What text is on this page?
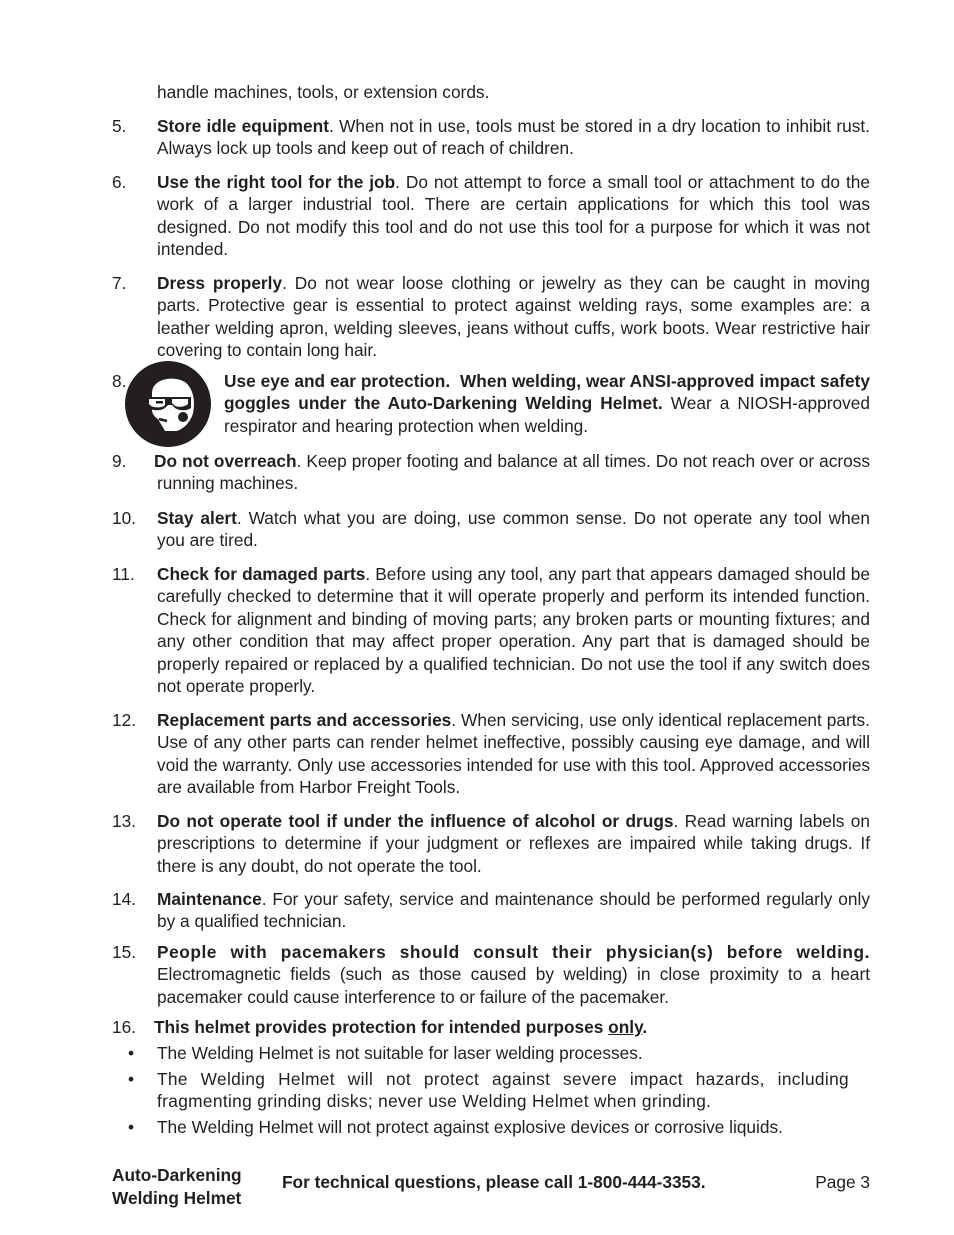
handle machines, tools, or extension cords.
5. Store idle equipment. When not in use, tools must be stored in a dry location to inhibit rust. Always lock up tools and keep out of reach of children.
6. Use the right tool for the job. Do not attempt to force a small tool or attachment to do the work of a larger industrial tool. There are certain applications for which this tool was designed. Do not modify this tool and do not use this tool for a purpose for which it was not intended.
7. Dress properly. Do not wear loose clothing or jewelry as they can be caught in moving parts. Protective gear is essential to protect against welding rays, some examples are: a leather welding apron, welding sleeves, jeans without cuffs, work boots. Wear restrictive hair covering to contain long hair.
8.	Use eye and ear protection.  When welding, wear ANSI-approved impact safety goggles under the Auto-Darkening Welding Helmet. Wear a NIOSH-approved respirator and hearing protection when welding.
9. Do not overreach. Keep proper footing and balance at all times. Do not reach over or across running machines.
10. Stay alert. Watch what you are doing, use common sense. Do not operate any tool when you are tired.
11. Check for damaged parts. Before using any tool, any part that appears damaged should be carefully checked to determine that it will operate properly and perform its intended function. Check for alignment and binding of moving parts; any broken parts or mounting fixtures; and any other condition that may affect proper operation. Any part that is damaged should be properly repaired or replaced by a qualified technician. Do not use the tool if any switch does not operate properly.
12. Replacement parts and accessories. When servicing, use only identical replacement parts. Use of any other parts can render helmet ineffective, possibly causing eye damage, and will void the warranty. Only use accessories intended for use with this tool. Approved accessories are available from Harbor Freight Tools.
13. Do not operate tool if under the influence of alcohol or drugs. Read warning labels on prescriptions to determine if your judgment or reflexes are impaired while taking drugs. If there is any doubt, do not operate the tool.
14. Maintenance. For your safety, service and maintenance should be performed regularly only by a qualified technician.
15. People with pacemakers should consult their physician(s) before welding. Electromagnetic fields (such as those caused by welding) in close proximity to a heart pacemaker could cause interference to or failure of the pacemaker.
16. This helmet provides protection for intended purposes only.
• The Welding Helmet is not suitable for laser welding processes.
• The Welding Helmet will not protect against severe impact hazards, including fragmenting grinding disks; never use Welding Helmet when grinding.
• The Welding Helmet will not protect against explosive devices or corrosive liquids.
Auto-Darkening
Welding Helmet
For technical questions, please call 1-800-444-3353.	Page 3
